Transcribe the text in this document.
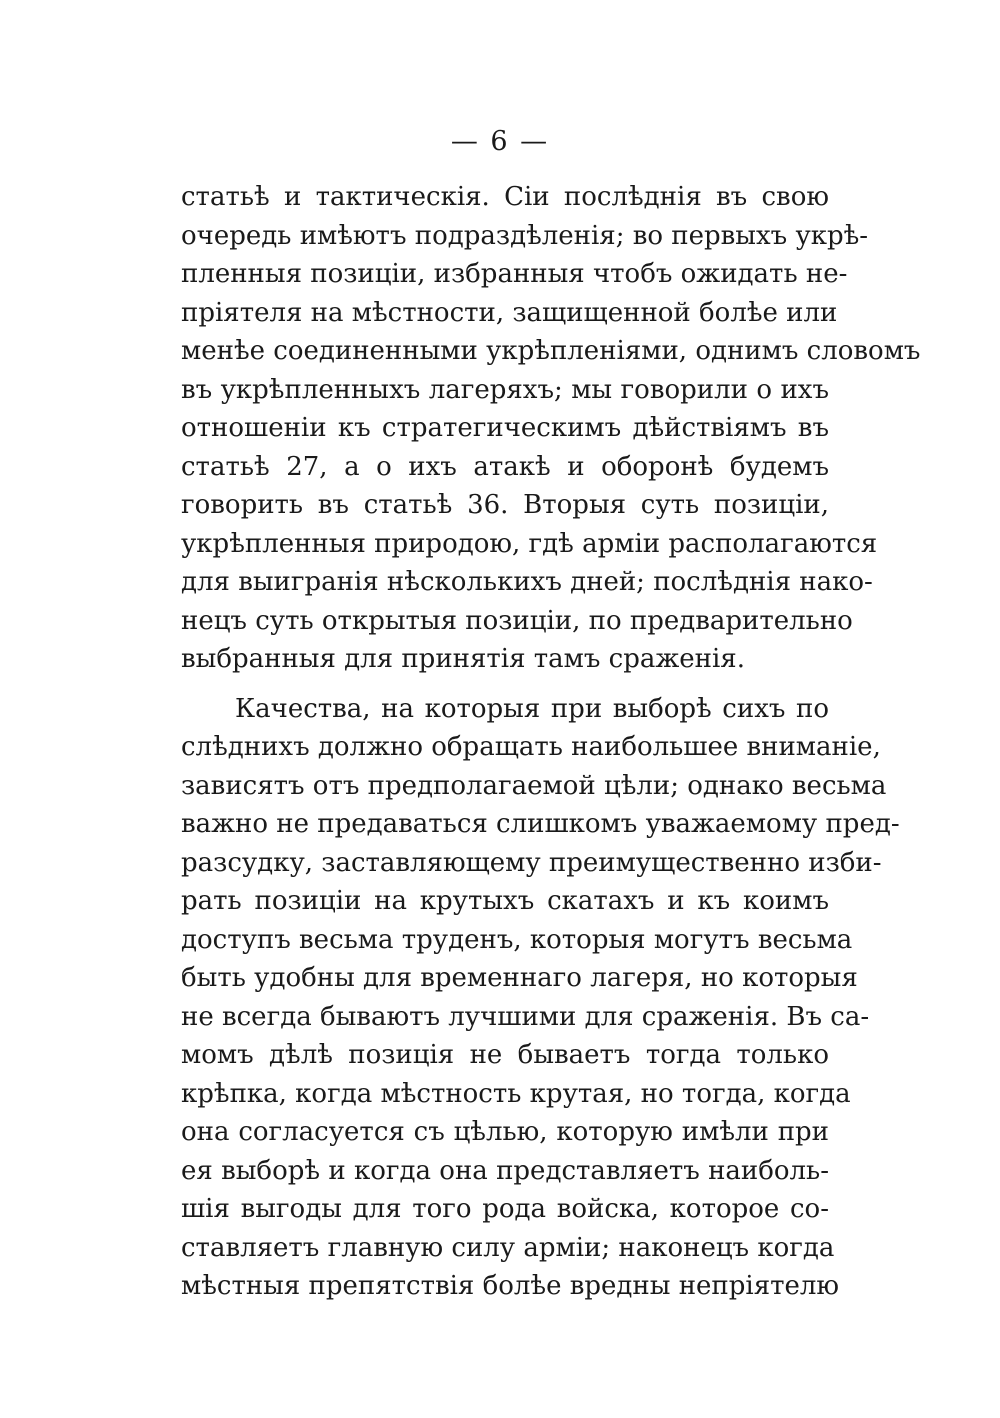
— 6 —
статьѣ и тактическія. Сіи послѣднія въ свою
очередь имѣютъ подраздѣленія; во первыхъ укрѣ-
пленныя позиціи, избранныя чтобъ ожидать не-
пріятеля на мѣстности, защищенной болѣе или
менѣе соединенными укрѣпленіями, однимъ словомъ
въ укрѣпленныхъ лагеряхъ; мы говорили о ихъ
отношеніи къ стратегическимъ дѣйствіямъ въ
статьѣ 27, а о ихъ атакѣ и оборонѣ будемъ
говорить въ статьѣ 36. Вторыя суть позиціи,
укрѣпленныя природою, гдѣ арміи располагаются
для выигранія нѣсколькихъ дней; послѣднія нако-
нецъ суть открытыя позиціи, по предварительно
выбранныя для принятія тамъ сраженія.
Качества, на которыя при выборѣ сихъ по
слѣднихъ должно обращать наибольшее вниманіе,
зависятъ отъ предполагаемой цѣли; однако весьма
важно не предаваться слишкомъ уважаемому пред-
разсудку, заставляющему преимущественно изби-
рать позиціи на крутыхъ скатахъ и къ коимъ
доступъ весьма труденъ, которыя могутъ весьма
быть удобны для временнаго лагеря, но которыя
не всегда бываютъ лучшими для сраженія. Въ са-
момъ дѣлѣ позиція не бываетъ тогда только
крѣпка, когда мѣстность крутая, но тогда, когда
она согласуется съ цѣлью, которую имѣли при
ея выборѣ и когда она представляетъ наиболь-
шія выгоды для того рода войска, которое со-
ставляетъ главную силу арміи; наконецъ когда
мѣстныя препятствія болѣе вредны непріятелю
